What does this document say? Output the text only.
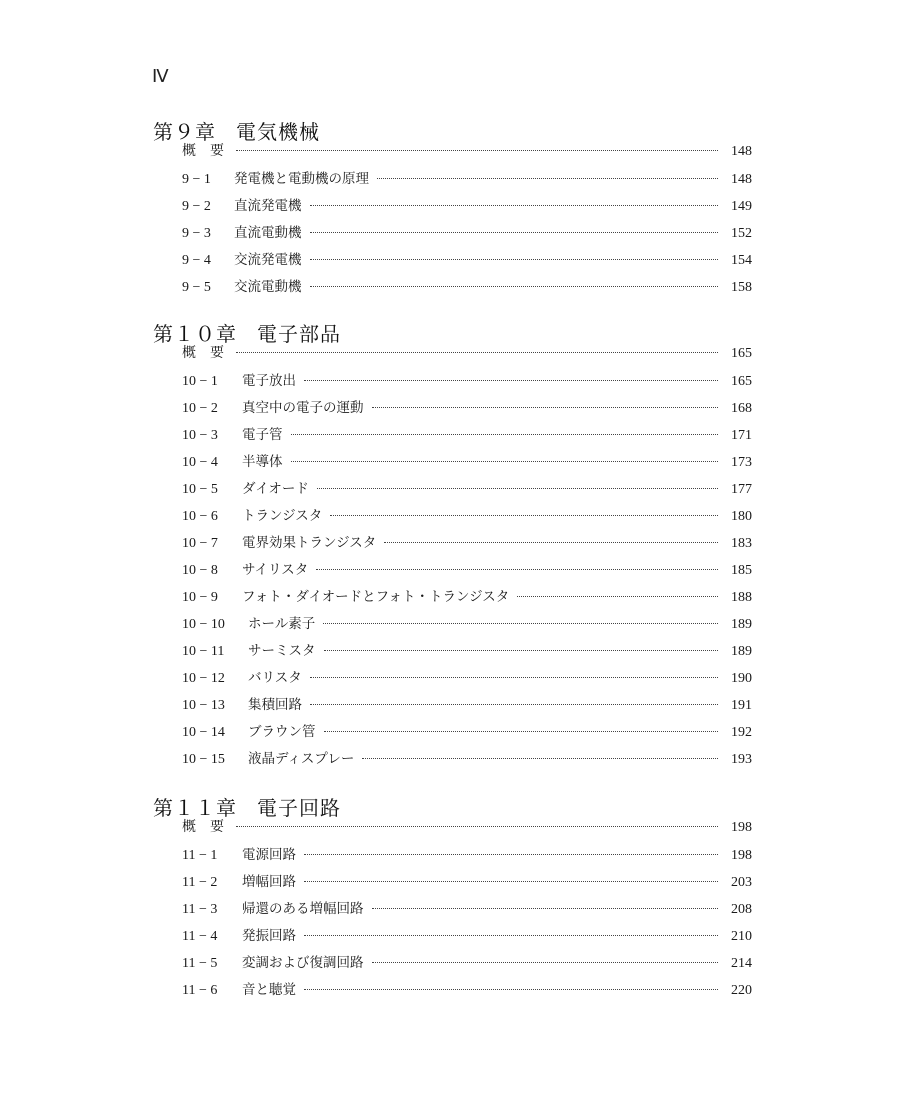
Ⅳ
第９章 電気機械
概　要	148
9 − 1	発電機と電動機の原理	148
9 − 2	直流発電機	149
9 − 3	直流電動機	152
9 − 4	交流発電機	154
9 − 5	交流電動機	158
第１０章 電子部品
概　要	165
10 − 1	電子放出	165
10 − 2	真空中の電子の運動	168
10 − 3	電子管	171
10 − 4	半導体	173
10 − 5	ダイオード	177
10 − 6	トランジスタ	180
10 − 7	電界効果トランジスタ	183
10 − 8	サイリスタ	185
10 − 9	フォト・ダイオードとフォト・トランジスタ	188
10 − 10	ホール素子	189
10 − 11	サーミスタ	189
10 − 12	バリスタ	190
10 − 13	集積回路	191
10 − 14	ブラウン管	192
10 − 15	液晶ディスプレー	193
第１１章 電子回路
概　要	198
11 − 1	電源回路	198
11 − 2	増幅回路	203
11 − 3	帰還のある増幅回路	208
11 − 4	発振回路	210
11 − 5	変調および復調回路	214
11 − 6	音と聴覚	220
